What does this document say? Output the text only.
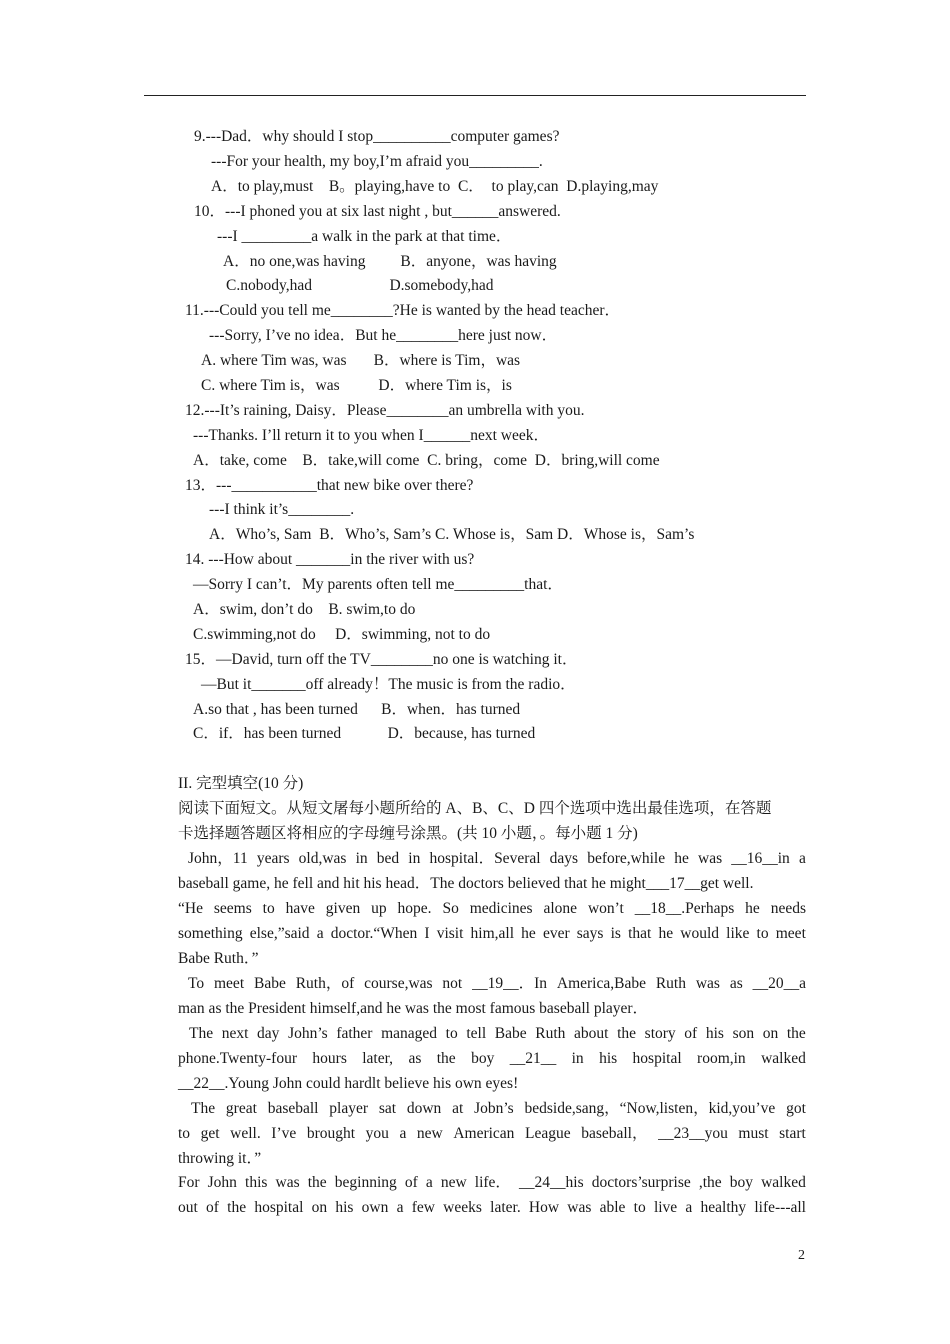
9.---Dad．why should I stop__________computer games?
---For your health, my boy,I’m afraid you_________.
A．to play,must    B。playing,have to  C．  to play,can  D.playing,may
10．---I phoned you at six last night , but______answered.
---I _________a walk in the park at that time．
A．no one,was having         B．anyone，was having
C.nobody,had                    D.somebody,had
11.---Could you tell me________?He is wanted by the head teacher．
---Sorry, I’ve no idea．But he________here just now．
A. where Tim was, was       B．where is Tim，was
C. where Tim is，was          D．where Tim is，is
12.---It’s raining, Daisy．Please________an umbrella with you.
---Thanks. I’ll return it to you when I______next week．
A．take, come    B．take,will come  C. bring，come  D．bring,will come
13．---___________that new bike over there?
---I think it’s________.
A．Who’s, Sam  B．Who’s, Sam’s C. Whose is，Sam D．Whose is，Sam’s
14. ---How about _______in the river with us?
—Sorry I can’t．My parents often tell me_________that．
A．swim, don’t do    B. swim,to do
C.swimming,not do     D．swimming, not to do
15．—David, turn off the TV________no one is watching it．
—But it_______off already！The music is from the radio．
A.so that , has been turned      B．when．has turned
C．if．has been turned            D．because, has turned
II. 完型填空(10 分)
阅读下面短文。从短文屠每小题所给的 A、B、C、D 四个选项中选出最佳选项，在答题
卡选择题答题区将相应的字母缠号涂黑。(共 10 小题，。每小题 1 分)
John，11 years old,was in bed in hospital．Several days before,while he was __16__in a
baseball game, he fell and hit his head．The doctors believed that he might___17__get well.
“He seems to have given up hope. So medicines alone won’t __18__.Perhaps he needs
something else,”said a doctor.“When I visit him,all he ever says is that he would like to meet
Babe Ruth．”
To meet Babe Ruth，of course,was not __19__．In America,Babe Ruth was as __20__a
man as the President himself,and he was the most famous baseball player．
The next day John’s father managed to tell Babe Ruth about the story of his son on the
phone.Twenty-four hours later, as the boy __21__ in his hospital room,in walked
__22__.Young John could hardlt believe his own eyes!
The great baseball player sat down at Jobn’s bedside,sang，“Now,listen，kid,you’ve got
to get well. I’ve brought you a new American League baseball， __23__you must start
throwing it．”
For John this was the beginning of a new life． __24__his doctors’surprise ,the boy walked
out of the hospital on his own a few weeks later. How was able to live a healthy life---all
2
